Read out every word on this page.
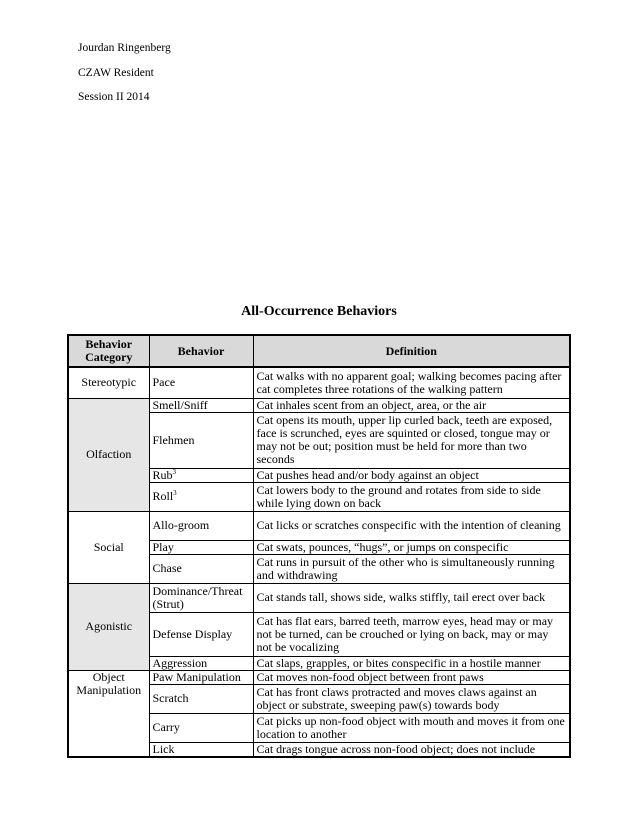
Jourdan Ringenberg
CZAW Resident
Session II 2014
All-Occurrence Behaviors
Behavior Category	Behavior	Definition
Stereotypic	Pace	Cat walks with no apparent goal; walking becomes pacing after cat completes three rotations of the walking pattern
Olfaction	Smell/Sniff	Cat inhales scent from an object, area, or the air
	Flehmen	Cat opens its mouth, upper lip curled back, teeth are exposed, face is scrunched, eyes are squinted or closed, tongue may or may not be out; position must be held for more than two seconds
	Rub$^3$	Cat pushes head and/or body against an object
	Roll$^3$	Cat lowers body to the ground and rotates from side to side while lying down on back
Social	Allo-groom	Cat licks or scratches conspecific with the intention of cleaning
	Play	Cat swats, pounces, “hugs”, or jumps on conspecific
	Chase	Cat runs in pursuit of the other who is simultaneously running and withdrawing
Agonistic	Dominance/Threat (Strut)	Cat stands tall, shows side, walks stiffly, tail erect over back
	Defense Display	Cat has flat ears, barred teeth, marrow eyes, head may or may not be turned, can be crouched or lying on back, may or may not be vocalizing
	Aggression	Cat slaps, grapples, or bites conspecific in a hostile manner
Object Manipulation	Paw Manipulation	Cat moves non-food object between front paws
	Scratch	Cat has front claws protracted and moves claws against an object or substrate, sweeping paw(s) towards body
	Carry	Cat picks up non-food object with mouth and moves it from one location to another
	Lick	Cat drags tongue across non-food object; does not include
